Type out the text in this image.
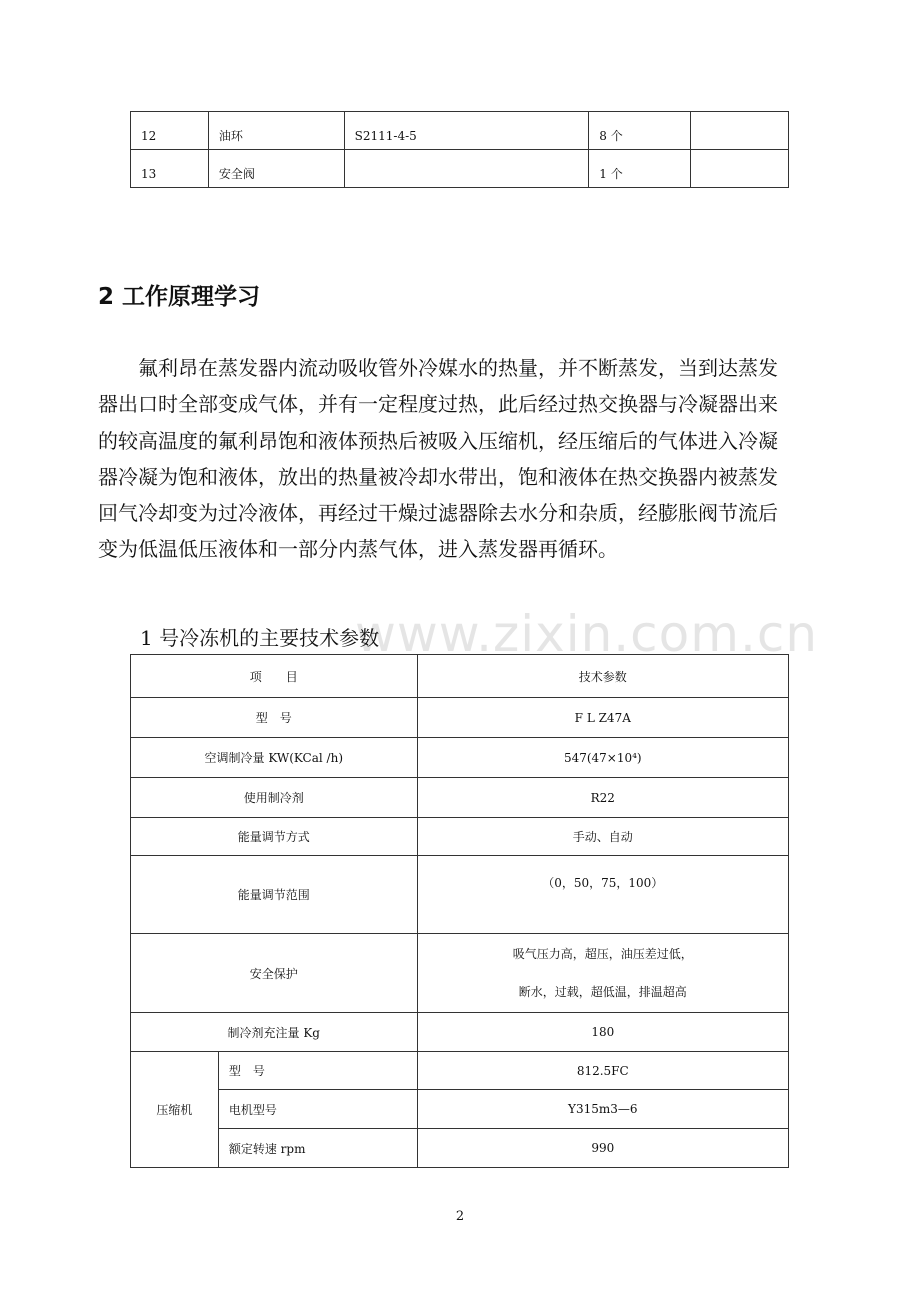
12	油环	S2111-4-5	8 个	
13	安全阀		1 个	
2 工作原理学习

氟利昂在蒸发器内流动吸收管外冷媒水的热量，并不断蒸发，当到达蒸发器出口时全部变成气体，并有一定程度过热，此后经过热交换器与冷凝器出来的较高温度的氟利昂饱和液体预热后被吸入压缩机，经压缩后的气体进入冷凝器冷凝为饱和液体，放出的热量被冷却水带出，饱和液体在热交换器内被蒸发回气冷却变为过冷液体，再经过干燥过滤器除去水分和杂质，经膨胀阀节流后变为低温低压液体和一部分内蒸气体，进入蒸发器再循环。

www.zixin.com.cn

1 号冷冻机的主要技术参数

项　　目		技术参数
型　号		F L Z47A
空调制冷量 KW(KCal /h)		547(47×10⁴)
使用制冷剂		R22
能量调节方式		手动、自动
能量调节范围		（0，50，75，100）

安全保护		吸气压力高，超压，油压差过低，
断水，过载，超低温，排温超高

制冷剂充注量 Kg		180
压缩机	型　号	812.5FC
	电机型号	Y315m3—6
	额定转速 rpm	990
2
